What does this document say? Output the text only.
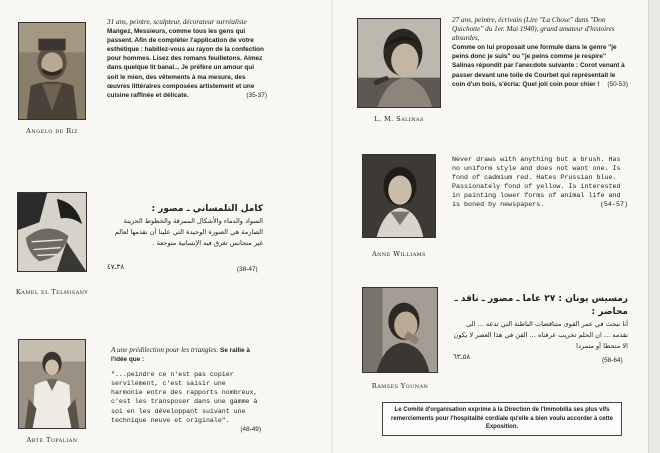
Angelo de Riz
31 ans, peintre, sculpteur, décorateur surréaliste
Mangez, Messieurs, comme tous les gens qui passent. Afin de compléter l'application de votre esthétique : habillez-vous au rayon de la confection pour hommes. Lisez des romans feuilletons. Aimez dans quelque lit banal... Je préfère un amour qui soit le mien, des vêtements à ma mesure, des œuvres littéraires composées artistement et une cuisine raffinée et délicate.	(35-37)
Kamel el Telmisany
كامل التلمساني ـ مصور :
السواد والدماء والأشكال الممزقة والخطوط الحزينة الصارمة هي الصورة الوحيدة التي علينا أن نقدمها لعالم غير متجانس تغرق فيه الإنسانية متوجعة .
٣٨ـ٤٧	(38-47)
Arte Topalian
A une prédilection pour les triangles. Se rallie à l'idée que :

"...peindre ce n'est pas copier servilement, c'est saisir une harmonie entre des rapports nombreux, c'est les transposer dans une gamme à soi en les développant suivant une technique neuve et originale".
(48-49)
L. M. Salinas
27 ans, peintre, écrivain (Lire "La Chose" dans "Don Quichotte" du 1er. Mai 1940), grand amateur d'histoires absurdes,
Comme on lui proposait une formule dans le genre "je peins donc je suis" ou "je peins comme je respire" Salinas répondit par l'anecdote suivante : Corot venant à passer devant une toile de Courbet qui représentait le coin d'un bois, s'écria: Quel joli coin pour chier ! (50-53)
Anne Williams
Never draws with anything but a brush. Has no uniform style and does not want one. Is fond of cadmium red. Hates Prussian blue. Passionately fond of yellow. Is interested in painting lower forms of animal life and is boned by newspapers.	(54-57)
Ramses Younan
رمسيس يونان : ٢٧ عاما ـ مصور ـ ناقد ـ محاضر :
أنا نبحث في عمر القوى متناقضات الباطنة التي تدعه ... الى نقدمه ... ان الحلم تخريب عرفناه ... الفن في هذا العصر لا يكون الا منحطا أو متمردا
٥٨ـ٦٣	(58-64)
Le Comité d'organisation exprime à la Direction de l'Immobilia ses plus vifs remerciements pour l'hospitalité cordiale qu'elle a bien voulu accorder à cette Exposition.
